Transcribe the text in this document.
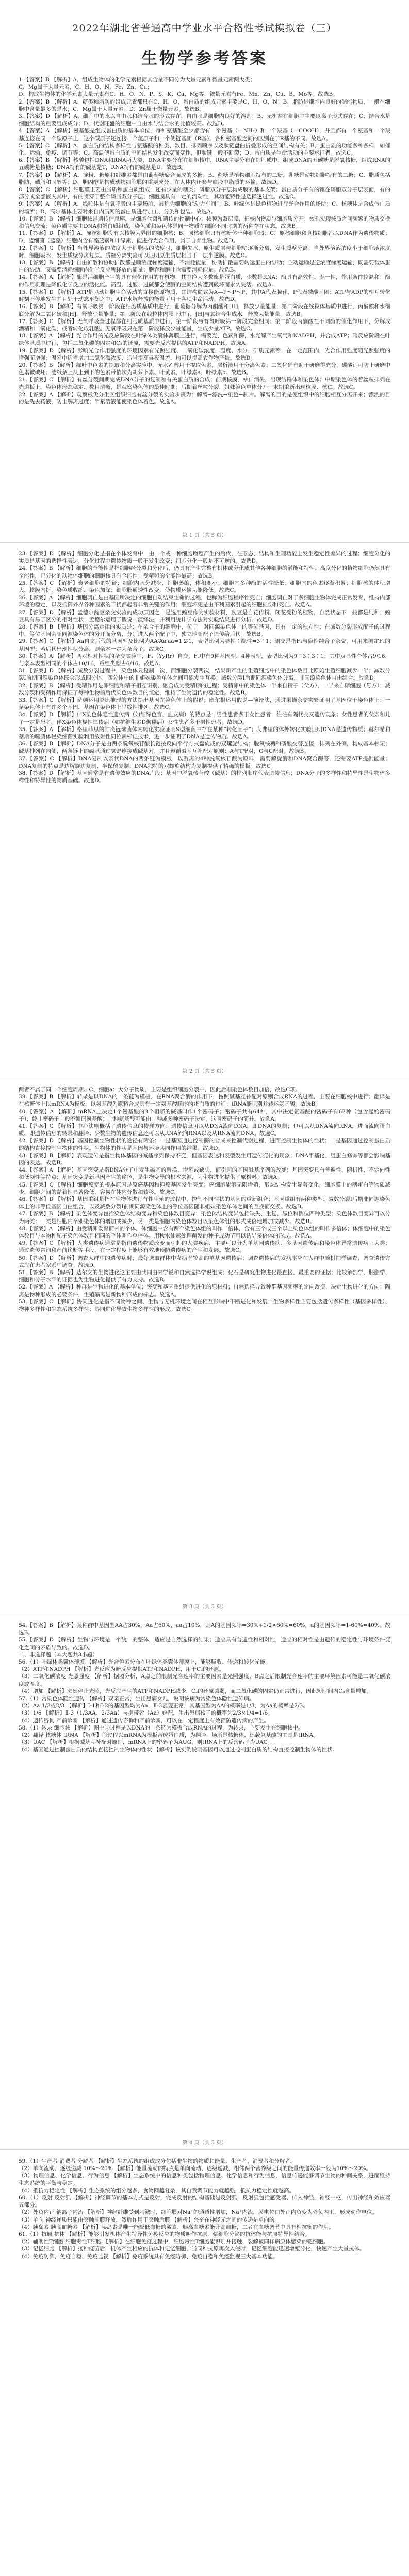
2022年湖北省普通高中学业水平合格性考试模拟卷（三）
生物学参考答案

1.【答案】B 【解析】A、组成生物体的化学元素根据其含量不同分为大量元素和微量元素两大类；

C、Mg属于大量元素，C、H、O、N、Fe、Zn、Cu；

D、构成生物体的化学元素大量元素有C、H、O、N、P、S、K、Ca、Mg等，微量元素有Fe、Mn、Zn、Cu、B、Mo等。故选B。

2.【答案】B 【解析】A、糖类和脂肪的组成元素都只有C、H、O，蛋白质的组成元素主要是C、H、O、N；B、脂肪是细胞内良好的储能物质，一般在细胞中含量最多的是水；C、Mg属于大量元素；D、Zn属于微量元素。故选B。

3.【答案】D 【解析】A、细胞中的水以自由水和结合水的形式存在，自由水是细胞内良好的溶剂；B、无机盐在细胞中主要以离子形式存在；C、结合水是细胞结构的重要组成成分；D、代谢旺盛的细胞中自由水与结合水的比值较高。故选D。

4.【答案】A 【解析】氨基酸是组成蛋白质的基本单位，每种氨基酸至少都含有一个氨基（—NH₂）和一个羧基（—COOH），并且都有一个氨基和一个羧基连接在同一个碳原子上，这个碳原子还连接一个氢原子和一个侧链基团（R基）。各种氨基酸之间的区别在于R基的不同。故选A。

5.【答案】C 【解析】A、蛋白质的结构多样性与氨基酸的种类、数目、排列顺序以及肽链盘曲折叠形成的空间结构有关；B、蛋白质的功能多种多样，如催化、运输、免疫、调节等；C、高温使蛋白质的空间结构发生改变而变性，但肽键一般不断裂；D、蛋白质是生命活动的主要承担者。故选C。

6.【答案】B 【解析】核酸包括DNA和RNA两大类，DNA主要分布在细胞核中，RNA主要分布在细胞质中；组成DNA的五碳糖是脱氧核糖，组成RNA的五碳糖是核糖；DNA特有的碱基是T，RNA特有的碱基是U。故选B。

7.【答案】D 【解析】A、淀粉、糖原和纤维素都是由葡萄糖聚合而成的多糖；B、蔗糖是植物细胞特有的二糖，乳糖是动物细胞特有的二糖；C、脂质包括脂肪、磷脂和固醇等；D、胆固醇是构成动物细胞膜的重要成分，在人体内还参与血液中脂质的运输。故选D。

8.【答案】C 【解析】细胞膜主要由脂质和蛋白质组成，还有少量的糖类；磷脂双分子层构成膜的基本支架；蛋白质分子有的镶在磷脂双分子层表面，有的部分或全部嵌入其中，有的贯穿于整个磷脂双分子层；细胞膜具有一定的流动性，其功能特性是选择透过性。故选C。

9.【答案】A 【解析】A、线粒体是有氧呼吸的主要场所，被称为细胞的“动力车间”；B、叶绿体是绿色植物进行光合作用的场所；C、核糖体是合成蛋白质的场所；D、高尔基体主要对来自内质网的蛋白质进行加工、分类和包装。故选A。

10.【答案】B 【解析】细胞核是遗传信息库，是细胞代谢和遗传的控制中心；核膜为双层膜，把核内物质与细胞质分开；核孔实现核质之间频繁的物质交换和信息交流；染色质主要由DNA和蛋白质组成，染色质和染色体是同一物质在细胞不同时期的两种存在状态。故选B。

11.【答案】D 【解析】A、原核细胞没有以核膜为界限的细胞核；B、原核细胞只有核糖体一种细胞器；C、原核细胞和真核细胞都以DNA作为遗传物质；D、蓝细菌（蓝藻）细胞内含有藻蓝素和叶绿素，能进行光合作用，属于自养生物。故选D。

12.【答案】C 【解析】当外界溶液的浓度大于细胞液的浓度时，细胞失水，原生质层与细胞壁逐渐分离，发生质壁分离；当外界溶液浓度小于细胞液浓度时，细胞吸水，发生质壁分离复原。质壁分离实验可以证明原生质层相当于一层半透膜。故选C。

13.【答案】B 【解析】自由扩散和协助扩散都是顺浓度梯度运输，不消耗能量，协助扩散需要转运蛋白的协助；主动运输是逆浓度梯度运输，既需要载体蛋白的协助，又需要消耗细胞内化学反应所释放的能量；胞吞和胞吐也需要消耗能量。故选B。

14.【答案】A 【解析】酶是活细胞产生的具有催化作用的有机物，其中绝大多数酶是蛋白质，少数是RNA；酶具有高效性、专一性，作用条件较温和；酶的作用机理是降低化学反应的活化能。高温、过酸、过碱都会使酶的空间结构遭到破坏而永久失活。故选A。

15.【答案】D 【解析】ATP是驱动细胞生命活动的直接能源物质，其结构简式为A—P～P～P，其中A代表腺苷，P代表磷酸基团；ATP与ADP的相互转化时刻不停地发生并且处于动态平衡之中；ATP水解释放的能量可用于各项生命活动。故选D。

16.【答案】B 【解析】有氧呼吸第一阶段在细胞质基质中进行，葡萄糖分解为丙酮酸和[H]，释放少量能量；第二阶段在线粒体基质中进行，丙酮酸和水彻底分解为二氧化碳和[H]，释放少量能量；第三阶段在线粒体内膜上进行，[H]与氧结合生成水，释放大量能量。故选B。

17.【答案】C 【解析】无氧呼吸全过程都在细胞质基质中进行，第一阶段与有氧呼吸第一阶段完全相同；第二阶段丙酮酸在不同酶的催化作用下，分解成酒精和二氧化碳，或者转化成乳酸。无氧呼吸只在第一阶段释放少量能量，生成少量ATP。故选C。

18.【答案】A 【解析】光合作用的光反应阶段在叶绿体类囊体薄膜上进行，需要光、色素和酶，水光解产生氧气和NADPH，并合成ATP；暗反应阶段在叶绿体基质中进行，包括二氧化碳的固定和C₃的还原，需要光反应提供的ATP和NADPH。故选A。

19.【答案】D 【解析】影响光合作用强度的环境因素有光照强度、二氧化碳浓度、温度、水分、矿质元素等；在一定范围内，光合作用强度随光照强度的增强而增强；温室中适当增加二氧化碳浓度、适当提高昼夜温差，均可以提高农作物产量。故选D。

20.【答案】B 【解析】绿叶中色素的提取和分离实验中，无水乙醇用于提取色素，层析液用于分离色素；二氧化硅有助于研磨得充分，碳酸钙可防止研磨中色素被破坏；滤纸条上从上到下的色素带依次为胡萝卜素、叶黄素、叶绿素a、叶绿素b。故选B。

21.【答案】C 【解析】有丝分裂间期完成DNA分子的复制和有关蛋白质的合成；前期核膜、核仁消失，出现纺锤体和染色体；中期染色体的着丝粒排列在赤道板上，染色体形态稳定、数目清晰，是观察染色体的最佳时期；后期着丝粒分裂，姐妹染色单体分开；末期重新出现核膜、核仁。故选C。

22.【答案】A 【解析】观察根尖分生区组织细胞有丝分裂的实验步骤为：解离→漂洗→染色→制片。解离的目的是使组织中的细胞相互分离开来；漂洗的目的是洗去药液，防止解离过度；甲紫溶液能使染色体着色。故选A。

第 1 页（共 5 页）

23.【答案】D 【解析】细胞分化是指在个体发育中，由一个或一种细胞增殖产生的后代，在形态、结构和生理功能上发生稳定性差异的过程；细胞分化的实质是基因的选择性表达，分化过程中遗传物质一般不发生改变；细胞分化一般是不可逆的。故选D。

24.【答案】B 【解析】细胞的全能性是指细胞经分裂和分化后，仍具有产生完整有机体或分化成其他各种细胞的潜能和特性；高度分化的植物细胞仍然具有全能性，已分化的动物体细胞的细胞核具有全能性；受精卵的全能性最高。故选B。

25.【答案】C 【解析】衰老细胞的特征：细胞内水分减少，细胞萎缩，体积变小；细胞内多种酶的活性降低；细胞内的色素逐渐积累；细胞核的体积增大，核膜内折，染色质收缩、染色加深；细胞膜通透性改变，使物质运输功能降低。故选C。

26.【答案】A 【解析】细胞凋亡是由基因所决定的细胞自动结束生命的过程，也称为细胞程序性死亡；细胞凋亡对于多细胞生物体完成正常发育，维持内部环境的稳定，以及抵御外界各种因素的干扰都起着非常关键的作用；细胞坏死是由不利因素引起的细胞损伤和死亡。故选A。

27.【答案】D 【解析】孟德尔豌豆杂交实验的成功原因之一是选用豌豆作为实验材料，豌豆是自花传粉、闭花受粉的植物，自然状态下一般都是纯种；豌豆具有易于区分的相对性状；孟德尔运用了假说—演绎法，并利用统计学方法对实验结果进行分析。故选D。

28.【答案】B 【解析】基因分离定律的实质是：在杂合子的细胞中，位于一对同源染色体上的等位基因，具有一定的独立性；在减数分裂形成配子的过程中，等位基因会随同源染色体的分开而分离，分别进入两个配子中，独立地随配子遗传给后代。故选B。

29.【答案】C 【解析】Aa自交后代的基因型及比例为AA∶Aa∶aa=1∶2∶1，表型比例为显性∶隐性=3∶1；测交是指F₁与隐性纯合子杂交，可用来测定F₁的基因型；若后代出现性状分离，则亲本一定为杂合子。故选C。

30.【答案】A 【解析】两对相对性状的杂交实验中，F₁（YyRr）自交，F₂中有9种基因型、4种表型，表型比例为9∶3∶3∶1；其中双显性个体占9/16，与亲本表型相同的个体占10/16，重组类型占6/16。故选A。

31.【答案】D 【解析】减数分裂过程中，染色体只复制一次，而细胞分裂两次，结果新产生的生殖细胞中的染色体数目比原始生殖细胞减少一半；减数分裂Ⅰ前期同源染色体联会形成四分体，四分体中的非姐妹染色单体之间可能发生互换；减数分裂Ⅰ后期同源染色体分离，非同源染色体自由组合。故选D。

32.【答案】B 【解析】受精作用是卵细胞和精子相互识别、融合成为受精卵的过程；受精卵中的染色体一半来自精子（父方），一半来自卵细胞（母方）；减数分裂和受精作用保证了每种生物前后代染色体数目的恒定，维持了生物遗传的稳定性。故选B。

33.【答案】C 【解析】萨顿运用类比推理的方法提出基因在染色体上的假说；摩尔根运用假说—演绎法，通过果蝇杂交实验证明了基因位于染色体上；一条染色体上有许多个基因，基因在染色体上呈线性排列。故选C。

34.【答案】D 【解析】伴X染色体隐性遗传病（如红绿色盲、血友病）的特点是：男性患者多于女性患者；往往有隔代交叉遗传现象；女性患者的父亲和儿子一定是患者。伴X染色体显性遗传病（如抗维生素D佝偻病）女性患者多于男性患者。故选D。

35.【答案】A 【解析】格里菲思的肺炎链球菌体内转化实验证明S型细菌中存在某种“转化因子”；艾弗里的体外转化实验证明DNA是遗传物质；赫尔希和蔡斯的噬菌体侵染细菌实验利用放射性同位素标记技术，进一步证明了DNA是遗传物质。故选A。

36.【答案】B 【解析】DNA分子是由两条脱氧核苷酸长链按反向平行方式盘旋成的双螺旋结构；脱氧核糖和磷酸交替连接，排列在外侧，构成基本骨架；碱基排列在内侧，两条链上的碱基通过氢键连接成碱基对，并且遵循碱基互补配对原则：A与T配对，G与C配对。故选B。

37.【答案】C 【解析】DNA复制以亲代DNA的两条链为模板，以游离的4种脱氧核苷酸为原料，需要解旋酶和DNA聚合酶等，还需要ATP提供能量；DNA复制的特点是边解旋边复制、半保留复制；DNA独特的双螺旋结构为复制提供了精确的模板。故选C。

38.【答案】D 【解析】基因通常是有遗传效应的DNA片段；基因中脱氧核苷酸（碱基）的排列顺序代表遗传信息；DNA分子的多样性和特异性是生物体多样性和特异性的物质基础。故选D。

第 2 页（共 5 页）

两者不属于同一个细胞周期。C、细胞a：大分子物质，主要是组织细胞分裂中，因此后期染色体数目加倍，故选C项。

39.【答案】B 【解析】转录是以DNA的一条链为模板，在RNA聚合酶的作用下，按照碱基互补配对原则合成RNA的过程，主要在细胞核中进行；翻译是在核糖体上以mRNA为模板，以氨基酸为原料合成具有一定氨基酸顺序的蛋白质的过程；tRNA能识别并转运氨基酸。故选B。

40.【答案】A 【解析】mRNA上决定1个氨基酸的3个相邻的碱基叫作1个密码子；密码子共有64种，其中决定氨基酸的密码子有62种（包含起始密码子），终止密码子一般不编码氨基酸；一种氨基酸可能由一种或多种密码子决定，这叫密码子的简并。故选A。

41.【答案】C 【解析】中心法则概括了遗传信息的传递方向：遗传信息可以从DNA流向DNA，即DNA的复制；也可以从DNA流向RNA，进而流向蛋白质，即遗传信息的转录和翻译；少数生物的遗传信息还可以从RNA流向RNA以及从RNA流向DNA。故选C。

42.【答案】D 【解析】基因控制生物性状的途径有两条：一是基因通过控制酶的合成来控制代谢过程，进而控制生物体的性状；二是基因通过控制蛋白质的结构直接控制生物体的性状。生物体的性状是基因与环境共同作用的结果。故选D。

43.【答案】B 【解析】表观遗传是指生物体基因的碱基序列保持不变，但基因表达和表型发生可遗传变化的现象；DNA甲基化、组蛋白修饰等都会影响基因的表达。故选B。

44.【答案】A 【解析】基因突变是指DNA分子中发生碱基的替换、增添或缺失，而引起的基因碱基序列的改变；基因突变具有普遍性、随机性、不定向性和低频性等特点；基因突变是新基因产生的途径，是生物变异的根本来源，为生物进化提供了原材料。故选A。

45.【答案】C 【解析】细胞癌变的根本原因是原癌基因和抑癌基因发生突变；癌细胞能够无限增殖，形态结构发生显著变化，细胞膜上的糖蛋白等物质减少，细胞之间的黏着性显著降低，容易在体内分散和转移。故选C。

46.【答案】D 【解析】基因重组是指在生物体进行有性生殖的过程中，控制不同性状的基因的重新组合；基因重组有两种类型：减数分裂Ⅰ后期非同源染色体上的非等位基因自由组合，以及减数分裂Ⅰ前期同源染色体上的等位基因随非姐妹染色单体之间的互换而交换。故选D。

47.【答案】B 【解析】染色体变异包括染色体结构变异和染色体数目变异；染色体结构变异包括缺失、重复、易位和倒位四种类型；染色体数目变异可以分为两类：一类是细胞内个别染色体的增加或减少，另一类是细胞内染色体数目以染色体组的形式成倍地增加或减少。故选B。

48.【答案】A 【解析】由受精卵发育而来的个体，体细胞中含有两个染色体组的叫作二倍体，含有三个或三个以上染色体组的叫作多倍体；体细胞中的染色体数目与本物种配子染色体数目相同的个体叫作单倍体。用秋水仙素处理萌发的种子或幼苗可以诱导多倍体的形成。故选A。

49.【答案】C 【解析】人类遗传病通常是指由遗传物质改变而引起的人类疾病，主要可以分为单基因遗传病、多基因遗传病和染色体异常遗传病三大类；通过遗传咨询和产前诊断等手段，在一定程度上能够有效地预防遗传病的产生和发展。故选C。

50.【答案】D 【解析】调查人群中的遗传病时，最好选取群体中发病率较高的单基因遗传病；调查遗传病的发病率应在人群中随机抽样调查，调查遗传方式应在患者家系中调查。故选D。

51.【答案】B 【解析】达尔文的生物进化论主要由共同由来学说和自然选择学说组成；化石是研究生物进化最直接、最重要的证据；比较解剖学、胚胎学、细胞和分子水平的证据也为生物进化提供了有力支持。故选B。

52.【答案】A 【解析】种群是生物进化的基本单位；突变和基因重组提供进化的原材料；自然选择导致种群基因频率的定向改变，决定生物进化的方向；隔离是物种形成的必要条件，生殖隔离是新物种形成的标志。故选A。

53.【答案】C 【解析】协同进化是指不同物种之间、生物与无机环境之间在相互影响中不断进化和发展；生物多样性主要包括遗传多样性（基因多样性）、物种多样性和生态系统多样性；协同进化导致生物多样性的形成。故选C。

第 3 页（共 5 页）

54.【答案】B 【解析】某种群中基因型AA占30%，Aa占60%，aa占10%，则A的基因频率=30%+1/2×60%=60%，a的基因频率=1-60%=40%。故选B。

55.【答案】D 【解析】生物与环境是一个统一的整体，适应是自然选择的结果；适应具有普遍性和相对性，适应的相对性是由遗传的稳定性与环境条件变化之间的矛盾导致的。故选D。

二、非选择题（本大题共3小题）

56.（1）叶绿体类囊体薄膜 【解析】光合色素分布在叶绿体类囊体薄膜上，能够吸收、传递和转化光能。

（2）ATP和NADPH 【解析】光反应为暗反应提供ATP和NADPH，用于C₃的还原。

（3）二氧化碳浓度 光照强度 【解析】据图分析，A点之前限制光合速率的主要因素是光照强度，B点之后限制光合速率的主要环境因素可能是二氧化碳浓度或温度。

（4）增加 【解析】突然停止光照，光反应产生的ATP和NADPH减少，C₃的还原减弱，而二氧化碳的固定仍正常进行，因此短时间内C₃含量增加。

57.（1）常染色体隐性遗传 【解析】双亲正常，生出患病女儿，说明该病为常染色体隐性遗传病。

（2）Aa 1/3或2/3 【解析】Ⅰ-1和Ⅰ-2的基因型均为Aa，Ⅱ-3表现正常，其基因型为AA的概率是1/3，为Aa的概率是2/3。

（3）1/6 【解析】Ⅱ-3（1/3AA、2/3Aa）与携带者（Aa）婚配，生出患病孩子的概率为2/3×1/4=1/6。

（4）遗传咨询 产前诊断 【解析】通过遗传咨询和产前诊断，可以在一定程度上有效预防遗传病的产生。

58.（1）转录 细胞核 【解析】图中①过程是以DNA的一条链为模板合成RNA的过程，为转录，主要发生在细胞核中。

（2）翻译 核糖体 tRNA 【解析】②过程以mRNA为模板合成蛋白质，为翻译，场所是核糖体，运载氨基酸的工具是tRNA。

（3）UAC 【解析】根据碱基互补配对原则，mRNA上的密码子为AUG，则tRNA上的反密码子为UAC。

（4）基因通过控制蛋白质的结构直接控制生物体的性状 【解析】该实例说明基因可以通过控制蛋白质的结构直接控制生物体的性状。

第 4 页（共 5 页）

59.（1）生产者 消费者 分解者 【解析】生态系统的组成成分包括非生物的物质和能量、生产者、消费者和分解者。

（2）单向流动、逐级递减 10%～20% 【解析】能量流动的特点是单向流动、逐级递减，相邻两个营养级之间的能量传递效率一般为10%～20%。

（3）物理信息、化学信息、行为信息 【解析】生态系统中的信息种类包括物理信息、化学信息和行为信息，信息传递能够调节生物的种间关系，进而维持生态系统的平衡与稳定。

（4）抵抗力稳定性 【解析】生态系统的组分越多，食物网越复杂，其自我调节能力就越强，抵抗力稳定性就越高。

60.（1）反射 反射弧 【解析】神经调节的基本方式是反射，完成反射的结构基础是反射弧，反射弧包括感受器、传入神经、神经中枢、传出神经和效应器五部分。

（2）外负内正 钠离子内流 【解析】神经纤维受到刺激时，细胞膜对Na⁺的通透性增加，Na⁺内流，膜电位由外正内负变为外负内正，形成动作电位。

（3）单向 神经递质只能由突触前膜释放，然后作用于突触后膜 【解析】兴奋在神经元之间的传递是单向的。

（4）胰岛素 胰高血糖素 【解析】胰岛素是唯一能降低血糖的激素，胰高血糖素能升高血糖，二者在血糖调节中具有相抗衡的作用。

61.（1）抗原 抗体 【解析】能够引发机体产生特异性免疫反应的物质叫作抗原，浆细胞分泌的抗体能与抗原特异性结合。

（2）辅助性T细胞 细胞毒性T细胞 【解析】在细胞免疫过程中，细胞毒性T细胞能识别并接触、裂解被同样病原体感染的靶细胞。

（3）记忆细胞 【解析】接种疫苗后，机体产生相应的抗体和记忆细胞，当同种抗原再次入侵时，记忆细胞能迅速增殖分化，快速产生大量抗体。

（4）免疫防御、免疫自稳、免疫监视 【解析】免疫系统具有免疫防御、免疫自稳和免疫监视三大基本功能。
